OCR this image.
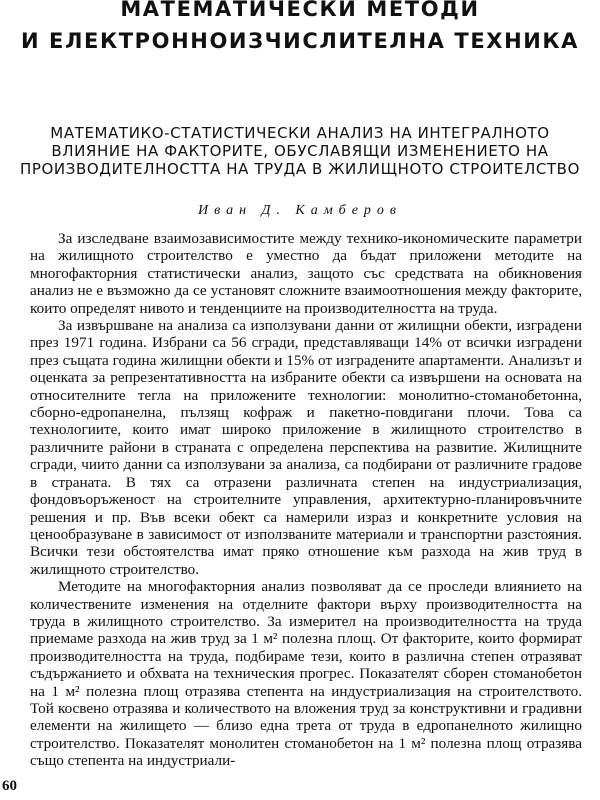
МАТЕМАТИЧЕСКИ МЕТОДИ
И ЕЛЕКТРОННОИЗЧИСЛИТЕЛНА ТЕХНИКА
МАТЕМАТИКО-СТАТИСТИЧЕСКИ АНАЛИЗ НА ИНТЕГРАЛНОТО ВЛИЯНИЕ НА ФАКТОРИТЕ, ОБУСЛАВЯЩИ ИЗМЕНЕНИЕТО НА ПРОИЗВОДИТЕЛНОСТТА НА ТРУДА В ЖИЛИЩНОТО СТРОИТЕЛСТВО
Иван Д. Камберов

За изследване взаимозависимостите между технико-икономическите параметри на жилищното строителство е уместно да бъдат приложени методите на многофакторния статистически анализ, защото със средствата на обикновения анализ не е възможно да се установят сложните взаимоотношения между факторите, които определят нивото и тенденциите на производителността на труда.

За извършване на анализа са използувани данни от жилищни обекти, изградени през 1971 година. Избрани са 56 сгради, представляващи 14% от всички изградени през същата година жилищни обекти и 15% от изградените апартаменти. Анализът и оценката за репрезентативността на избраните обекти са извършени на основата на относителните тегла на приложените технологии: монолитно-стоманобетонна, сборно-едропанелна, пълзящ кофраж и пакетно-повдигани плочи. Това са технологиите, които имат широко приложение в жилищното строителство в различните райони в страната с определена перспектива на развитие. Жилищните сгради, чиито данни са използувани за анализа, са подбирани от различните градове в страната. В тях са отразени различната степен на индустриализация, фондовъоръженост на строителните управления, архитектурно-планировъчните решения и пр. Във всеки обект са намерили израз и конкретните условия на ценообразуване в зависимост от използваните материали и транспортни разстояния. Всички тези обстоятелства имат пряко отношение към разхода на жив труд в жилищното строителство.

Методите на многофакторния анализ позволяват да се проследи влиянието на количествените изменения на отделните фактори върху производителността на труда в жилищното строителство. За измерител на производителността на труда приемаме разхода на жив труд за 1 м² полезна площ. От факторите, които формират производителността на труда, подбираме тези, които в различна степен отразяват съдържанието и обхвата на техническия прогрес. Показателят сборен стоманобетон на 1 м² полезна площ отразява степента на индустриализация на строителството. Той косвено отразява и количеството на вложения труд за конструктивни и градивни елементи на жилището — близо една трета от труда в едропанелното жилищно строителство. Показателят монолитен стоманобетон на 1 м² полезна площ отразява също степента на индустриали-

60
